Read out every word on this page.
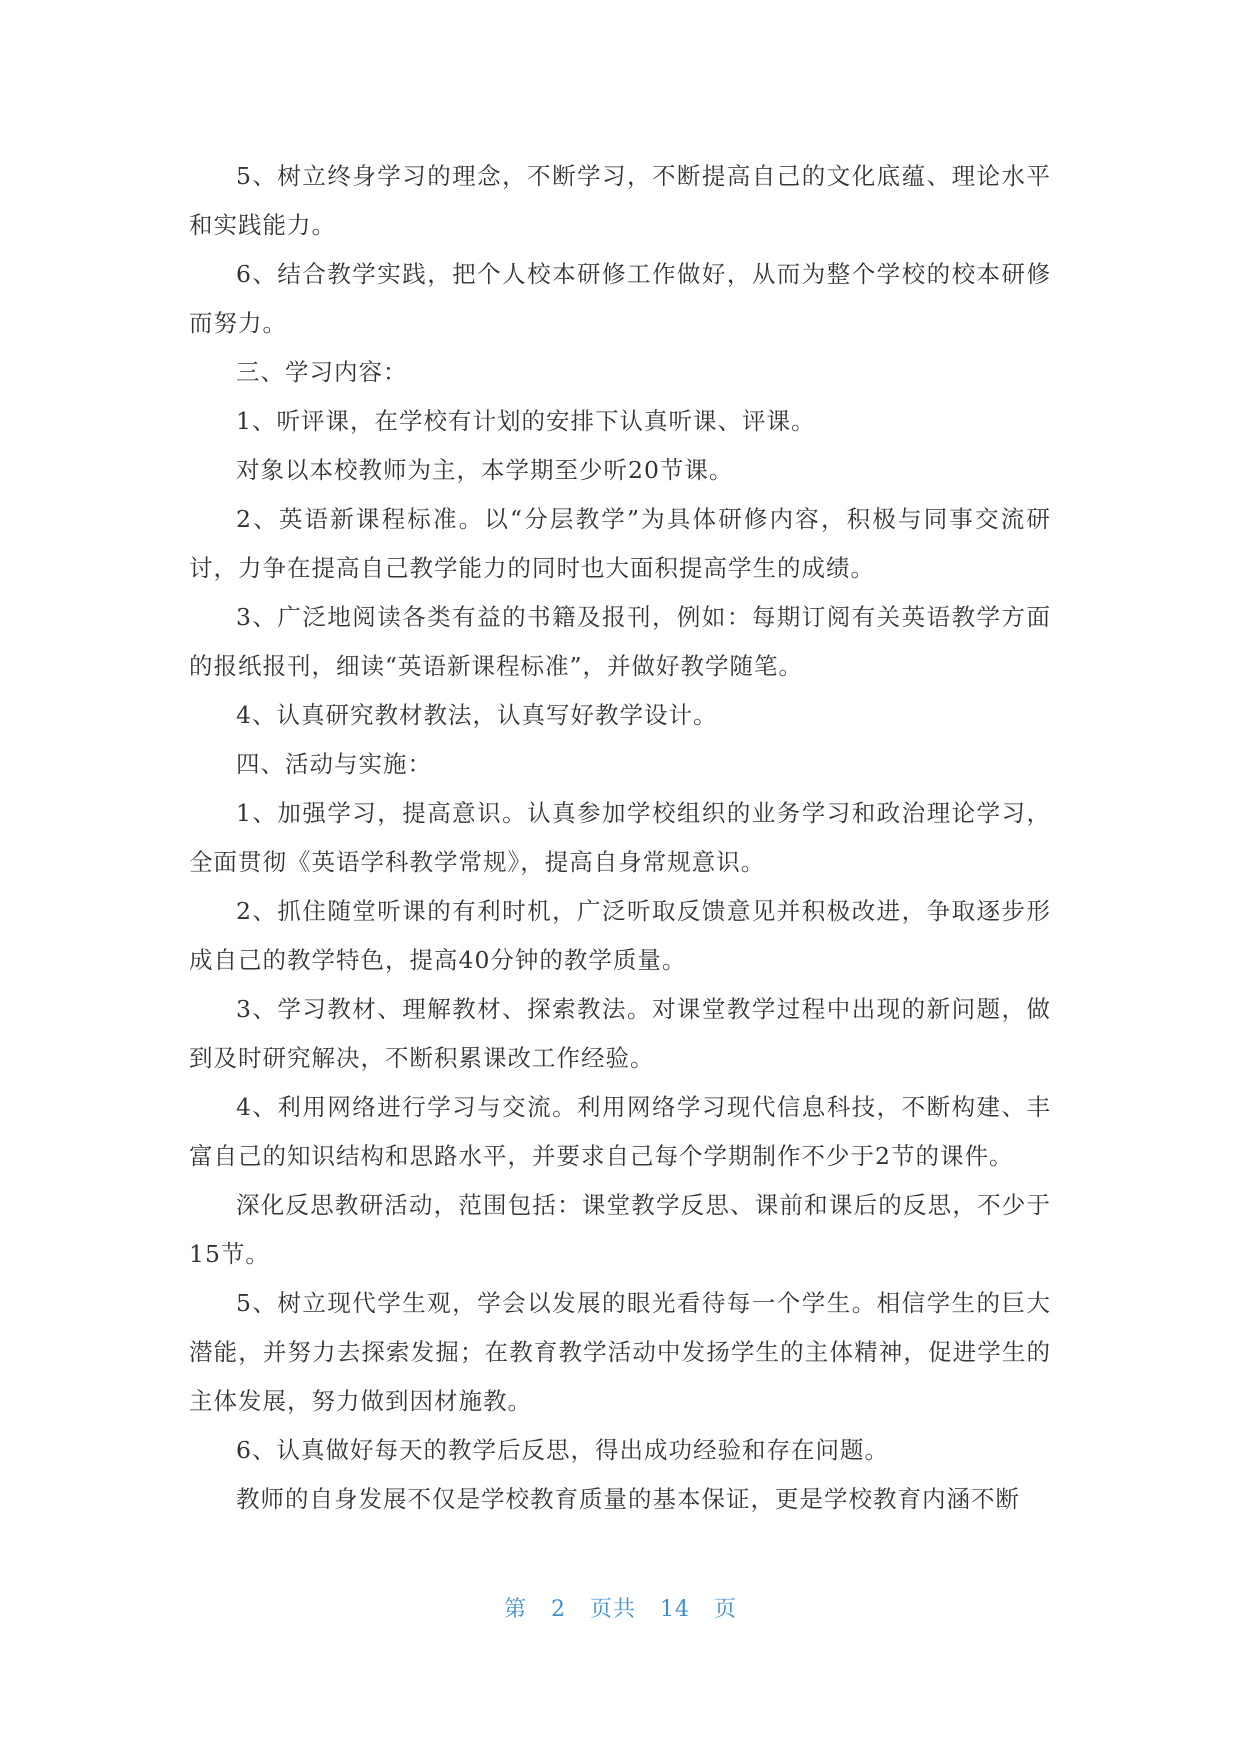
5、树立终身学习的理念，不断学习，不断提高自己的文化底蕴、理论水平和实践能力。

6、结合教学实践，把个人校本研修工作做好，从而为整个学校的校本研修而努力。

三、学习内容：

1、听评课，在学校有计划的安排下认真听课、评课。

对象以本校教师为主，本学期至少听20节课。

2、英语新课程标准。以“分层教学”为具体研修内容，积极与同事交流研讨，力争在提高自己教学能力的同时也大面积提高学生的成绩。

3、广泛地阅读各类有益的书籍及报刊，例如：每期订阅有关英语教学方面的报纸报刊，细读“英语新课程标准”，并做好教学随笔。

4、认真研究教材教法，认真写好教学设计。

四、活动与实施：

1、加强学习，提高意识。认真参加学校组织的业务学习和政治理论学习，全面贯彻《英语学科教学常规》，提高自身常规意识。

2、抓住随堂听课的有利时机，广泛听取反馈意见并积极改进，争取逐步形成自己的教学特色，提高40分钟的教学质量。

3、学习教材、理解教材、探索教法。对课堂教学过程中出现的新问题，做到及时研究解决，不断积累课改工作经验。

4、利用网络进行学习与交流。利用网络学习现代信息科技，不断构建、丰富自己的知识结构和思路水平，并要求自己每个学期制作不少于2节的课件。

深化反思教研活动，范围包括：课堂教学反思、课前和课后的反思，不少于15节。

5、树立现代学生观，学会以发展的眼光看待每一个学生。相信学生的巨大潜能，并努力去探索发掘；在教育教学活动中发扬学生的主体精神，促进学生的主体发展，努力做到因材施教。

6、认真做好每天的教学后反思，得出成功经验和存在问题。

教师的自身发展不仅是学校教育质量的基本保证，更是学校教育内涵不断

第 2 页共 14 页
